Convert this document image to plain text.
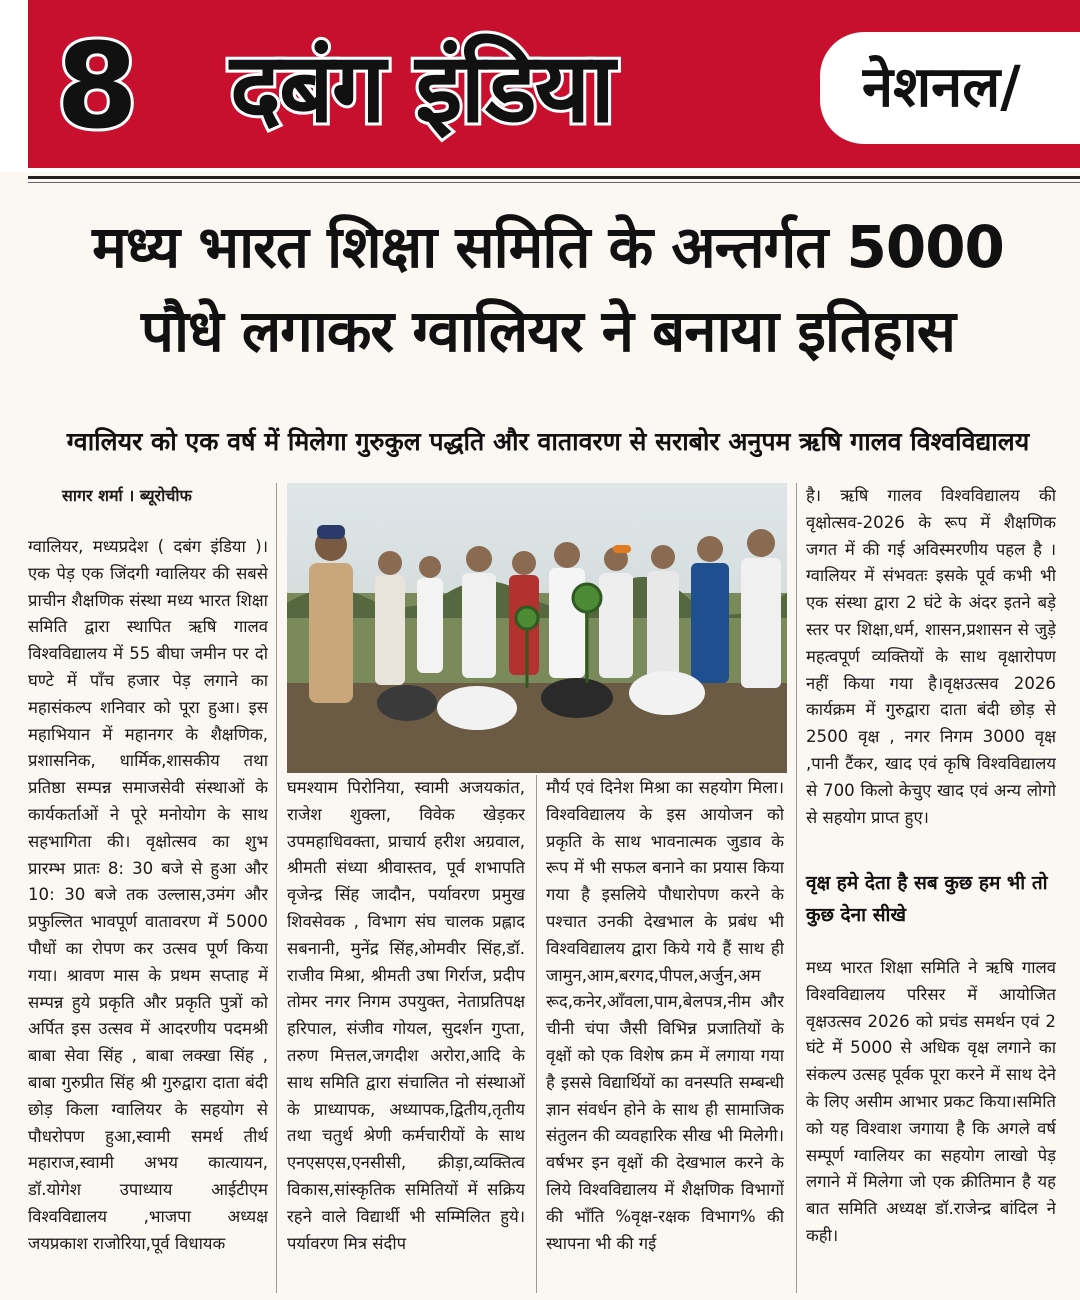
8 दबंग इंडिया	नेशनल/
मध्य भारत शिक्षा समिति के अन्तर्गत 5000
पौधे लगाकर ग्वालियर ने बनाया इतिहास
ग्वालियर को एक वर्ष में मिलेगा गुरुकुल पद्धति और वातावरण से सराबोर अनुपम ऋषि गालव विश्वविद्यालय
सागर शर्मा । ब्यूरोचीफ

ग्वालियर, मध्यप्रदेश ( दबंग इंडिया )। एक पेड़ एक जिंदगी ग्वालियर की सबसे प्राचीन शैक्षणिक संस्था मध्य भारत शिक्षा समिति द्वारा स्थापित ऋषि गालव विश्वविद्यालय में 55 बीघा जमीन पर दो घण्टे में पाँच हजार पेड़ लगाने का महासंकल्प शनिवार को पूरा हुआ। इस महाभियान में महानगर के शैक्षणिक, प्रशासनिक, धार्मिक,शासकीय तथा प्रतिष्ठा सम्पन्न समाजसेवी संस्थाओं के कार्यकर्ताओं ने पूरे मनोयोग के साथ सहभागिता की। वृक्षोत्सव का शुभ प्रारम्भ प्रातः 8: 30 बजे से हुआ और 10: 30 बजे तक उल्लास,उमंग और प्रफुल्लित भावपूर्ण वातावरण में 5000 पौधों का रोपण कर उत्सव पूर्ण किया गया। श्रावण मास के प्रथम सप्ताह में सम्पन्न हुये प्रकृति और प्रकृति पुत्रों को अर्पित इस उत्सव में आदरणीय पदमश्री बाबा सेवा सिंह , बाबा लक्खा सिंह , बाबा गुरुप्रीत सिंह श्री गुरुद्वारा दाता बंदी छोड़ किला ग्वालियर के सहयोग से पौधरोपण हुआ,स्वामी समर्थ तीर्थ महाराज,स्वामी अभय कात्यायन, डॉ.योगेश उपाध्याय आईटीएम विश्वविद्यालय ,भाजपा अध्यक्ष जयप्रकाश राजोरिया,पूर्व विधायक

घमश्याम पिरोनिया, स्वामी अजयकांत, राजेश शुक्ला, विवेक खेड़कर उपमहाधिवक्ता, प्राचार्य हरीश अग्रवाल, श्रीमती संध्या श्रीवास्तव, पूर्व शभापति वृजेन्द्र सिंह जादौन, पर्यावरण प्रमुख शिवसेवक , विभाग संघ चालक प्रह्लाद सबनानी, मुनेंद्र सिंह,ओमवीर सिंह,डॉ. राजीव मिश्रा, श्रीमती उषा गिर्राज, प्रदीप तोमर नगर निगम उपयुक्त, नेताप्रतिपक्ष हरिपाल, संजीव गोयल, सुदर्शन गुप्ता, तरुण मित्तल,जगदीश अरोरा,आदि के साथ समिति द्वारा संचालित नो संस्थाओं के प्राध्यापक, अध्यापक,द्वितीय,तृतीय तथा चतुर्थ श्रेणी कर्मचारीयों के साथ एनएसएस,एनसीसी, क्रीड़ा,व्यक्तित्व विकास,सांस्कृतिक समितियों में सक्रिय रहने वाले विद्यार्थी भी सम्मिलित हुये। पर्यावरण मित्र संदीप

मौर्य एवं दिनेश मिश्रा का सहयोग मिला। विश्वविद्यालय के इस आयोजन को प्रकृति के साथ भावनात्मक जुडाव के रूप में भी सफल बनाने का प्रयास किया गया है इसलिये पौधारोपण करने के पश्चात उनकी देखभाल के प्रबंध भी विश्वविद्यालय द्वारा किये गये हैं साथ ही जामुन,आम,बरगद,पीपल,अर्जुन,अम रूद,कनेर,आँवला,पाम,बेलपत्र,नीम और चीनी चंपा जैसी विभिन्न प्रजातियों के वृक्षों को एक विशेष क्रम में लगाया गया है इससे विद्यार्थियों का वनस्पति सम्बन्धी ज्ञान संवर्धन होने के साथ ही सामाजिक संतुलन की व्यवहारिक सीख भी मिलेगी। वर्षभर इन वृक्षों की देखभाल करने के लिये विश्वविद्यालय में शैक्षणिक विभागों की भाँति %वृक्ष-रक्षक विभाग% की स्थापना भी की गई

है। ऋषि गालव विश्वविद्यालय की वृक्षोत्सव-2026 के रूप में शैक्षणिक जगत में की गई अविस्मरणीय पहल है ।ग्वालियर में संभवतः इसके पूर्व कभी भी एक संस्था द्वारा 2 घंटे के अंदर इतने बड़े स्तर पर शिक्षा,धर्म, शासन,प्रशासन से जुड़े महत्वपूर्ण व्यक्तियों के साथ वृक्षारोपण नहीं किया गया है।वृक्षउत्सव 2026 कार्यक्रम में गुरुद्वारा दाता बंदी छोड़ से 2500 वृक्ष , नगर निगम 3000 वृक्ष ,पानी टैंकर, खाद एवं कृषि विश्वविद्यालय से 700 किलो केचुए खाद एवं अन्य लोगो से सहयोग प्राप्त हुए।

वृक्ष हमे देता है सब कुछ हम भी तो कुछ देना सीखे

मध्य भारत शिक्षा समिति ने ऋषि गालव विश्वविद्यालय परिसर में आयोजित वृक्षउत्सव 2026 को प्रचंड समर्थन एवं 2 घंटे में 5000 से अधिक वृक्ष लगाने का संकल्प उत्सह पूर्वक पूरा करने में साथ देने के लिए असीम आभार प्रकट किया।समिति को यह विश्वाश जगाया है कि अगले वर्ष सम्पूर्ण ग्वालियर का सहयोग लाखो पेड़ लगाने में मिलेगा जो एक क्रीतिमान है यह बात समिति अध्यक्ष डॉ.राजेन्द्र बांदिल ने कही।
